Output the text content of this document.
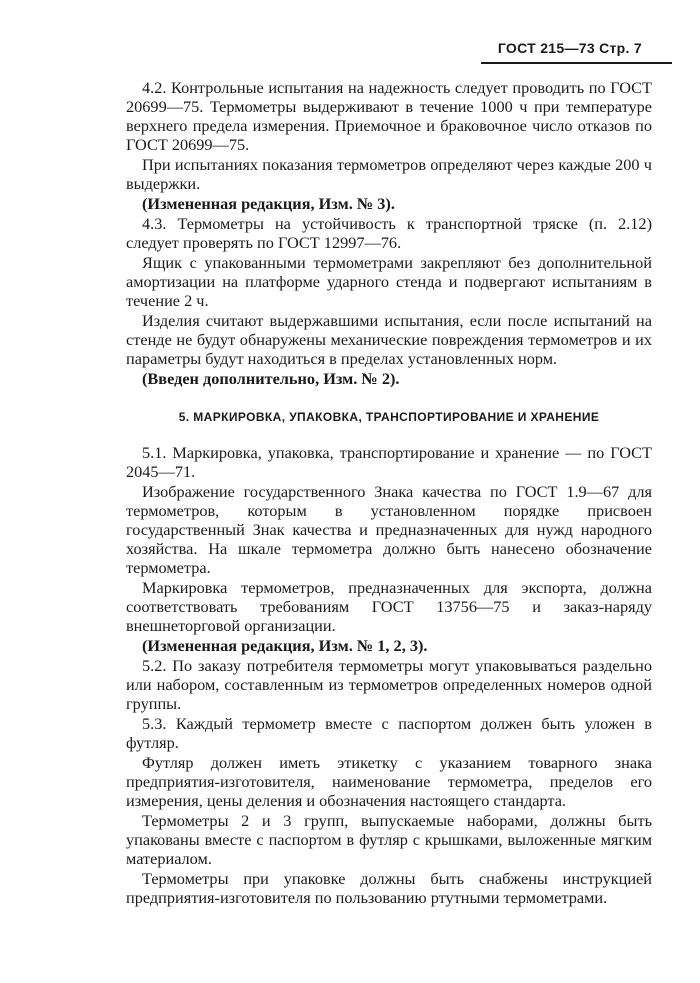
ГОСТ 215—73 Стр. 7

4.2. Контрольные испытания на надежность следует проводить по ГОСТ 20699—75. Термометры выдерживают в течение 1000 ч при температуре верхнего предела измерения. Приемочное и браковочное число отказов по ГОСТ 20699—75.

При испытаниях показания термометров определяют через каждые 200 ч выдержки.

(Измененная редакция, Изм. № 3).

4.3. Термометры на устойчивость к транспортной тряске (п. 2.12) следует проверять по ГОСТ 12997—76.

Ящик с упакованными термометрами закрепляют без дополнительной амортизации на платформе ударного стенда и подвергают испытаниям в течение 2 ч.

Изделия считают выдержавшими испытания, если после испытаний на стенде не будут обнаружены механические повреждения термометров и их параметры будут находиться в пределах установленных норм.

(Введен дополнительно, Изм. № 2).

5. МАРКИРОВКА, УПАКОВКА, ТРАНСПОРТИРОВАНИЕ И ХРАНЕНИЕ

5.1. Маркировка, упаковка, транспортирование и хранение — по ГОСТ 2045—71.

Изображение государственного Знака качества по ГОСТ 1.9—67 для термометров, которым в установленном порядке присвоен государственный Знак качества и предназначенных для нужд народного хозяйства. На шкале термометра должно быть нанесено обозначение термометра.

Маркировка термометров, предназначенных для экспорта, должна соответствовать требованиям ГОСТ 13756—75 и заказ-наряду внешнеторговой организации.

(Измененная редакция, Изм. № 1, 2, 3).

5.2. По заказу потребителя термометры могут упаковываться раздельно или набором, составленным из термометров определенных номеров одной группы.

5.3. Каждый термометр вместе с паспортом должен быть уложен в футляр.

Футляр должен иметь этикетку с указанием товарного знака предприятия-изготовителя, наименование термометра, пределов его измерения, цены деления и обозначения настоящего стандарта.

Термометры 2 и 3 групп, выпускаемые наборами, должны быть упакованы вместе с паспортом в футляр с крышками, выложенные мягким материалом.

Термометры при упаковке должны быть снабжены инструкцией предприятия-изготовителя по пользованию ртутными термометрами.
